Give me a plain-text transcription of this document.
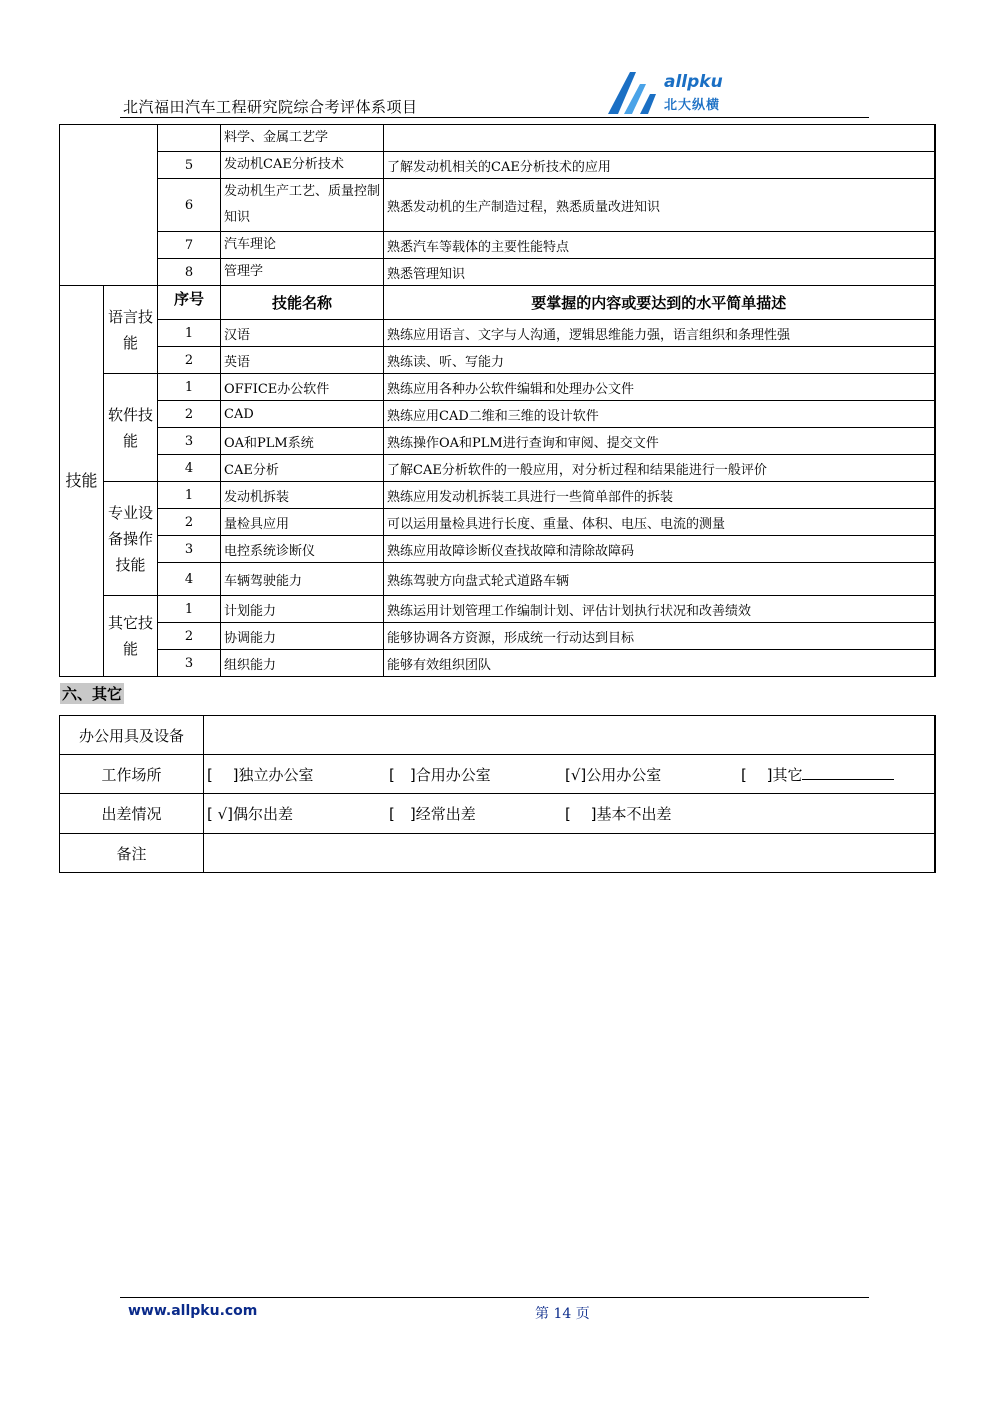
北汽福田汽车工程研究院综合考评体系项目
allpku
北大纵横
			料学、金属工艺学	
		5	发动机CAE分析技术	了解发动机相关的CAE分析技术的应用
		6	发动机生产工艺、质量控制知识	熟悉发动机的生产制造过程，熟悉质量改进知识
		7	汽车理论	熟悉汽车等载体的主要性能特点
		8	管理学	熟悉管理知识
技能	语言技能	序号	技能名称	要掌握的内容或要达到的水平简单描述
		1	汉语	熟练应用语言、文字与人沟通，逻辑思维能力强，语言组织和条理性强
		2	英语	熟练读、听、写能力
	软件技能	1	OFFICE办公软件	熟练应用各种办公软件编辑和处理办公文件
		2	CAD	熟练应用CAD二维和三维的设计软件
		3	OA和PLM系统	熟练操作OA和PLM进行查询和审阅、提交文件
		4	CAE分析	了解CAE分析软件的一般应用，对分析过程和结果能进行一般评价
	专业设备操作技能	1	发动机拆装	熟练应用发动机拆装工具进行一些简单部件的拆装
		2	量检具应用	可以运用量检具进行长度、重量、体积、电压、电流的测量
		3	电控系统诊断仪	熟练应用故障诊断仪查找故障和清除故障码
		4	车辆驾驶能力	熟练驾驶方向盘式轮式道路车辆
	其它技能	1	计划能力	熟练运用计划管理工作编制计划、评估计划执行状况和改善绩效
		2	协调能力	能够协调各方资源，形成统一行动达到目标
		3	组织能力	能够有效组织团队
六、其它
办公用具及设备	
工作场所	[　 ]独立办公室 [　]合用办公室 [√]公用办公室 [　 ]其它
出差情况	[ √]偶尔出差 [　]经常出差 [　 ]基本不出差
备注	
www.allpku.com	第 14 页
